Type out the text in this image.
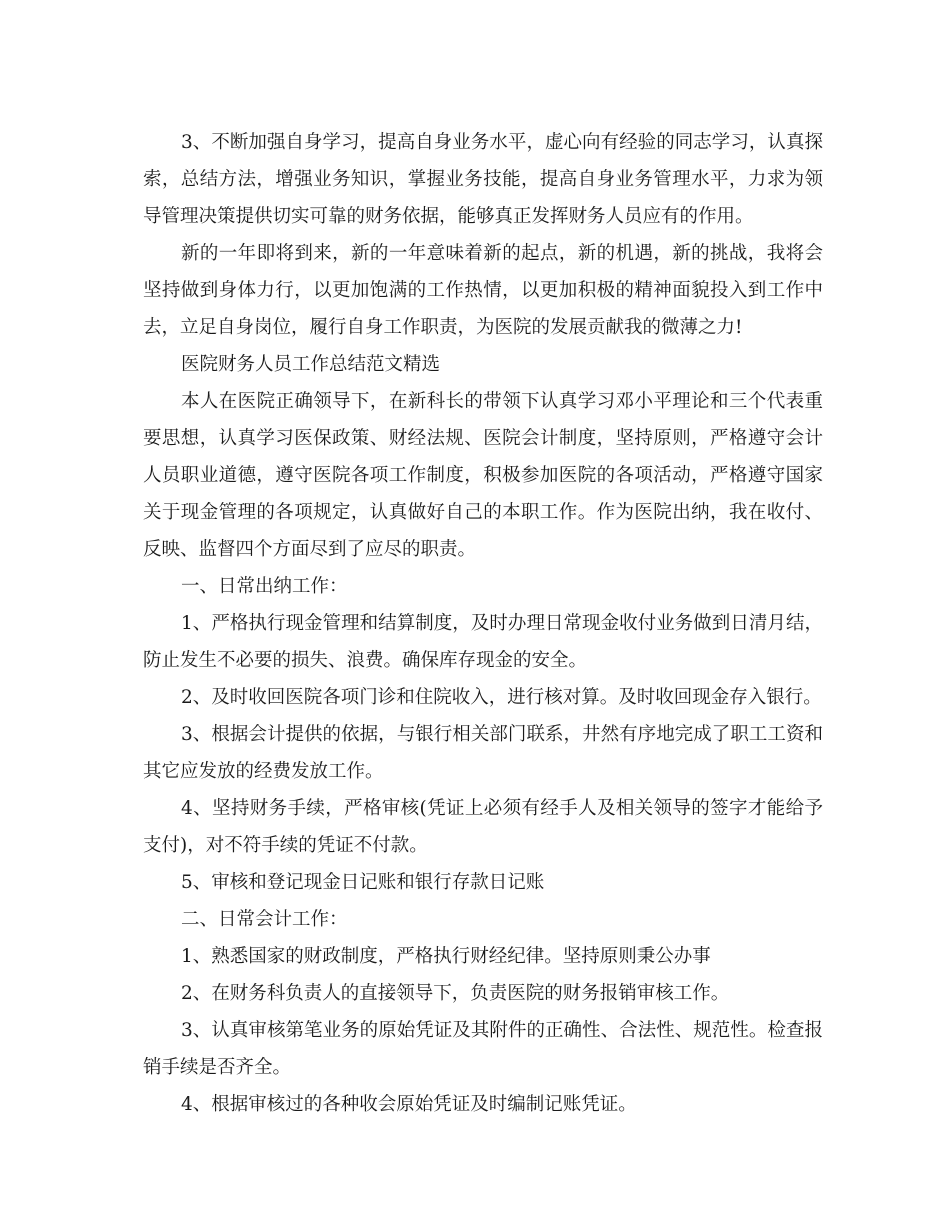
3、不断加强自身学习，提高自身业务水平，虚心向有经验的同志学习，认真探索，总结方法，增强业务知识，掌握业务技能，提高自身业务管理水平，力求为领导管理决策提供切实可靠的财务依据，能够真正发挥财务人员应有的作用。

新的一年即将到来，新的一年意味着新的起点，新的机遇，新的挑战，我将会坚持做到身体力行，以更加饱满的工作热情，以更加积极的精神面貌投入到工作中去，立足自身岗位，履行自身工作职责，为医院的发展贡献我的微薄之力!

医院财务人员工作总结范文精选

本人在医院正确领导下，在新科长的带领下认真学习邓小平理论和三个代表重要思想，认真学习医保政策、财经法规、医院会计制度，坚持原则，严格遵守会计人员职业道德，遵守医院各项工作制度，积极参加医院的各项活动，严格遵守国家关于现金管理的各项规定，认真做好自己的本职工作。作为医院出纳，我在收付、反映、监督四个方面尽到了应尽的职责。

一、日常出纳工作：

1、严格执行现金管理和结算制度，及时办理日常现金收付业务做到日清月结，防止发生不必要的损失、浪费。确保库存现金的安全。

2、及时收回医院各项门诊和住院收入，进行核对算。及时收回现金存入银行。

3、根据会计提供的依据，与银行相关部门联系，井然有序地完成了职工工资和其它应发放的经费发放工作。

4、坚持财务手续，严格审核(凭证上必须有经手人及相关领导的签字才能给予支付)，对不符手续的凭证不付款。

5、审核和登记现金日记账和银行存款日记账

二、日常会计工作：

1、熟悉国家的财政制度，严格执行财经纪律。坚持原则秉公办事

2、在财务科负责人的直接领导下，负责医院的财务报销审核工作。

3、认真审核第笔业务的原始凭证及其附件的正确性、合法性、规范性。检查报销手续是否齐全。

4、根据审核过的各种收会原始凭证及时编制记账凭证。
